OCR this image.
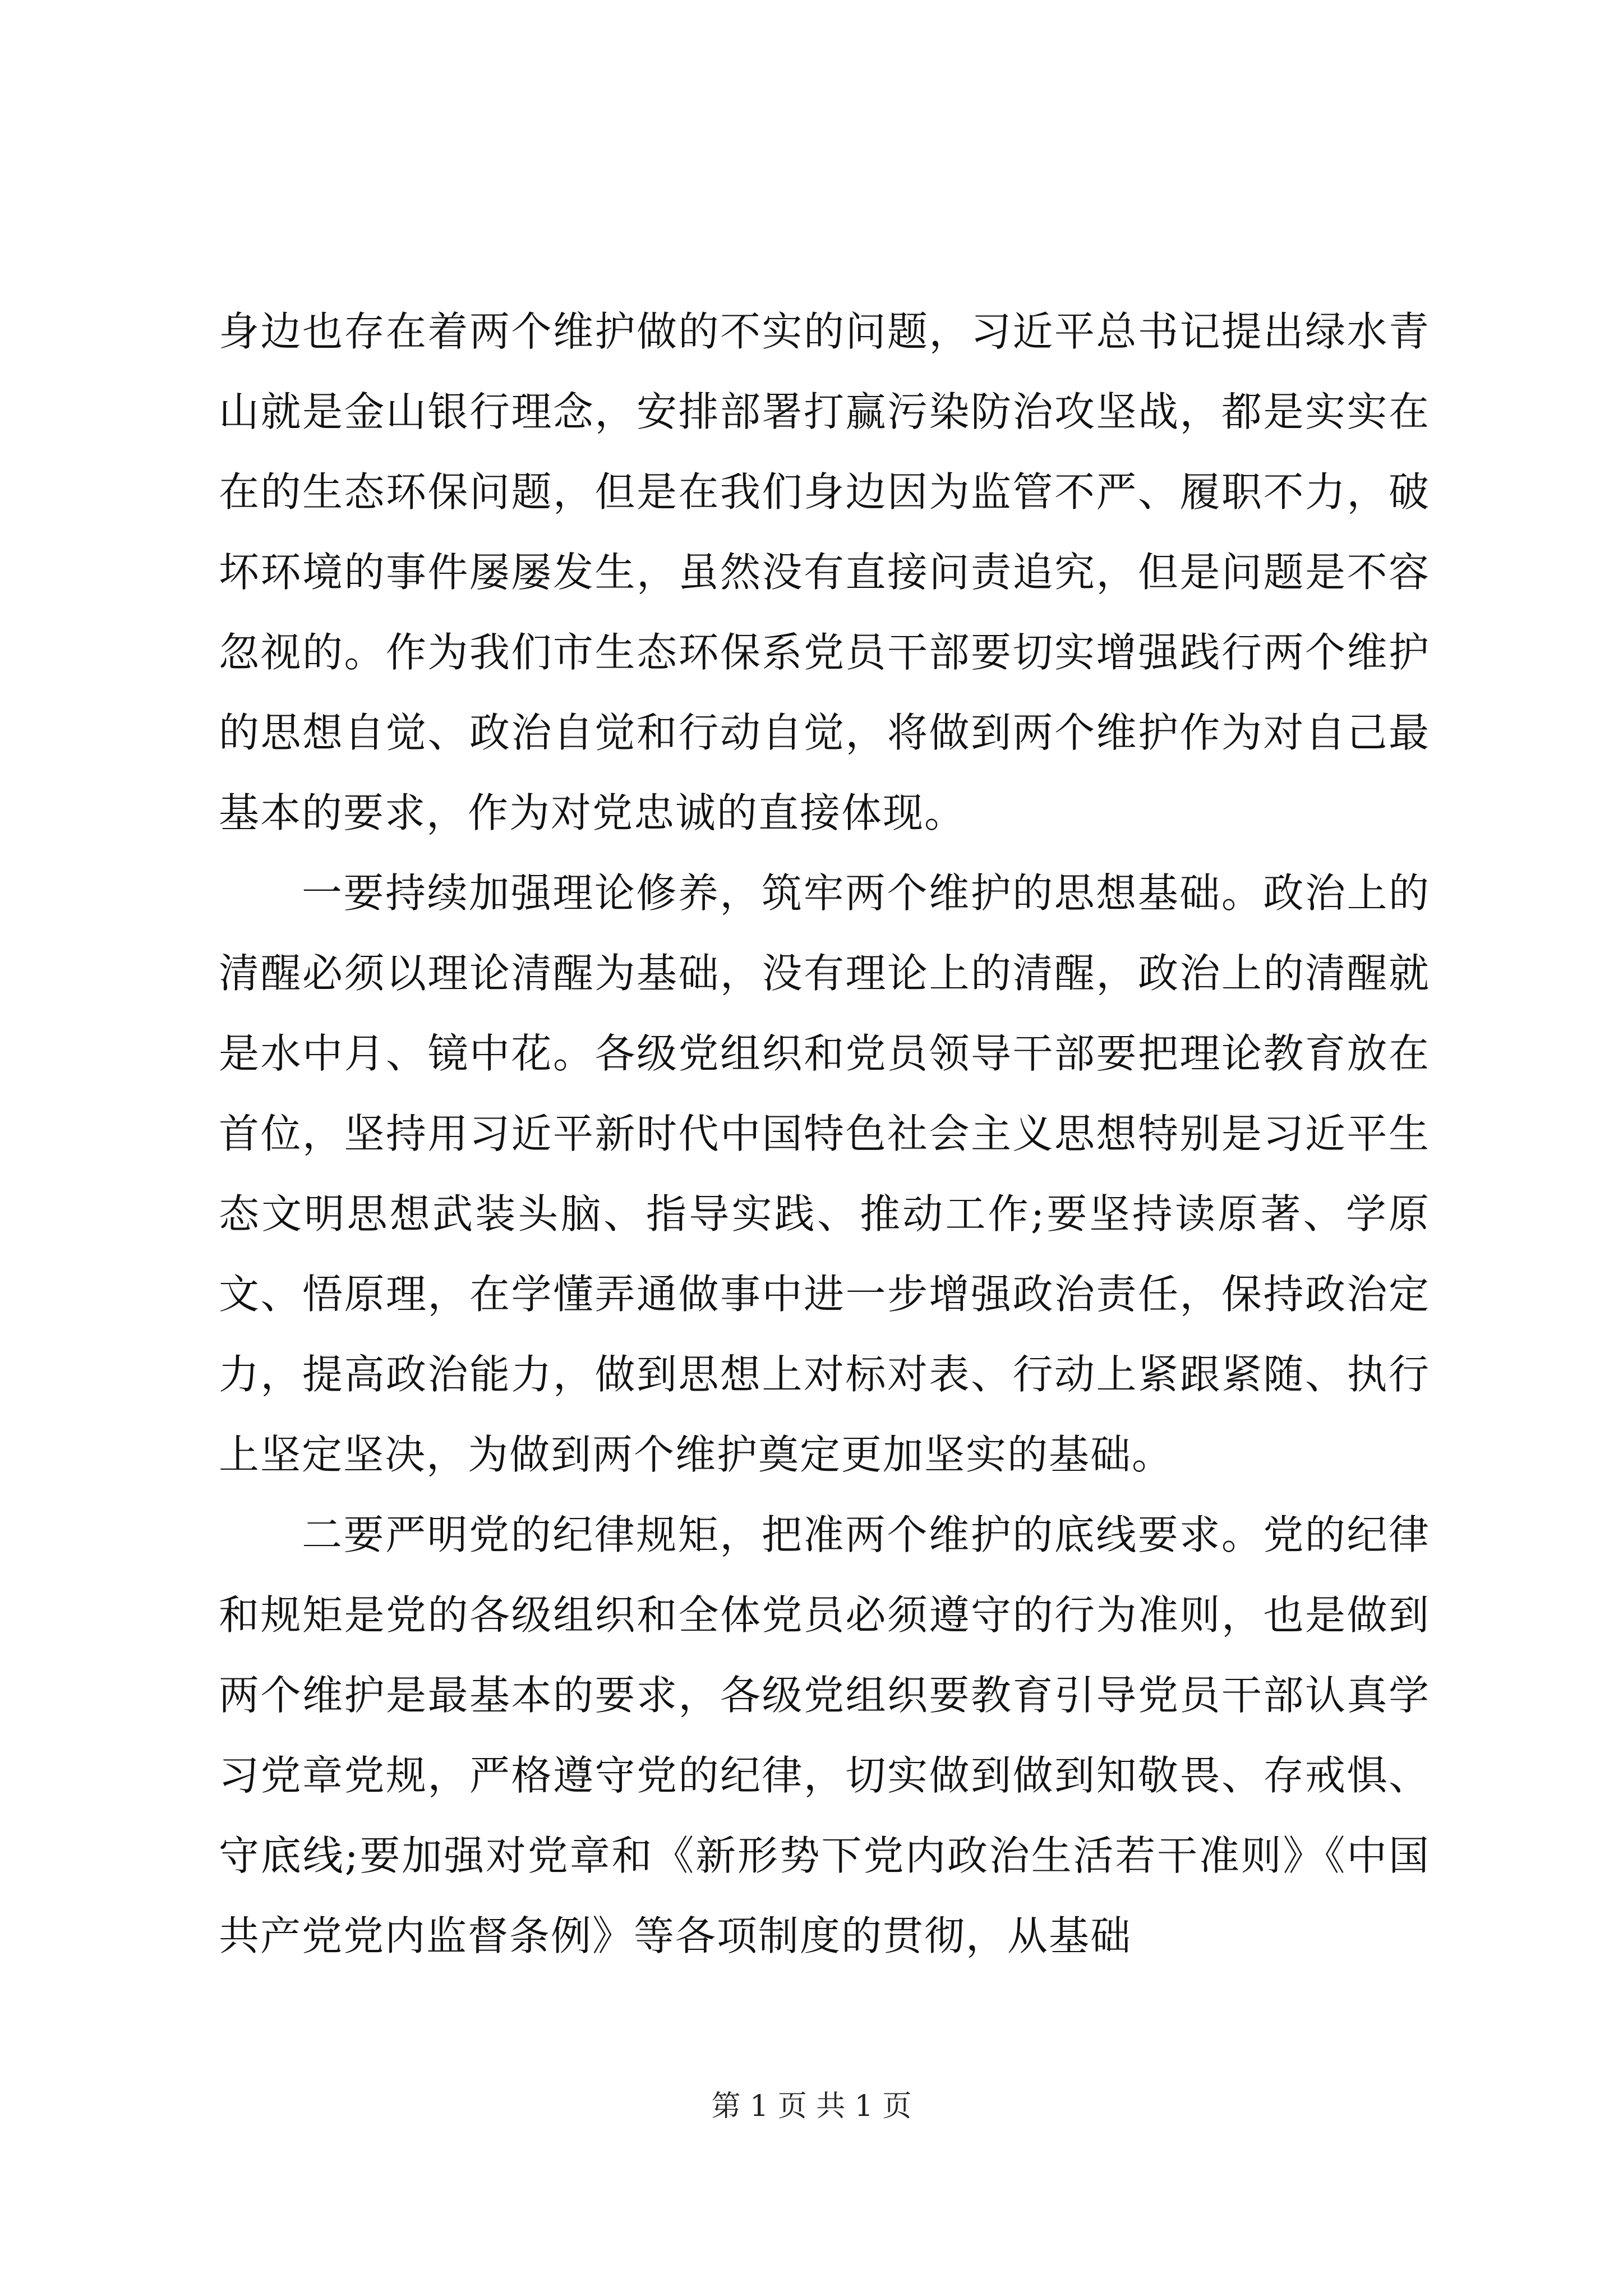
身边也存在着两个维护做的不实的问题，习近平总书记提出绿水青山就是金山银行理念，安排部署打赢污染防治攻坚战，都是实实在在的生态环保问题，但是在我们身边因为监管不严、履职不力，破坏环境的事件屡屡发生，虽然没有直接问责追究，但是问题是不容忽视的。作为我们市生态环保系党员干部要切实增强践行两个维护的思想自觉、政治自觉和行动自觉，将做到两个维护作为对自己最基本的要求，作为对党忠诚的直接体现。

一要持续加强理论修养，筑牢两个维护的思想基础。政治上的清醒必须以理论清醒为基础，没有理论上的清醒，政治上的清醒就是水中月、镜中花。各级党组织和党员领导干部要把理论教育放在首位，坚持用习近平新时代中国特色社会主义思想特别是习近平生态文明思想武装头脑、指导实践、推动工作;要坚持读原著、学原文、悟原理，在学懂弄通做事中进一步增强政治责任，保持政治定力，提高政治能力，做到思想上对标对表、行动上紧跟紧随、执行上坚定坚决，为做到两个维护奠定更加坚实的基础。

二要严明党的纪律规矩，把准两个维护的底线要求。党的纪律和规矩是党的各级组织和全体党员必须遵守的行为准则，也是做到两个维护是最基本的要求，各级党组织要教育引导党员干部认真学习党章党规，严格遵守党的纪律，切实做到做到知敬畏、存戒惧、守底线;要加强对党章和《新形势下党内政治生活若干准则》《中国共产党党内监督条例》等各项制度的贯彻，从基础

第 1 页 共 1 页
